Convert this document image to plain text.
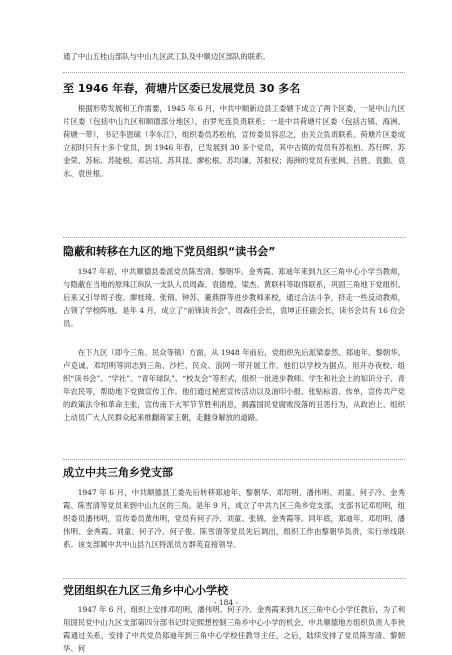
通了中山五桂山部队与中山九区武工队及中顺边区部队的联系。

至 1946 年春，荷塘片区委已发展党员 30 多名

根据形势发展和工作需要，1945 年 6 月，中共中顺新边县工委辖下成立了两个区委，一是中山九区片区委（包括中山九区和顺德部分地区），由罗光连负责联系；一是中共荷塘片区委（包括古镇、海洲、荷塘一带），书记李恩硕（李东江），组织委员苏松柏，宣传委员容忍之，由关立负责联系。荷塘片区委成立初时只有十多个党员，到 1946 年春，已发展到 30 多个党员，其中古镇的党员有苏松柏、苏行晖、苏金荣、苏标、苏能根、邓沾培、苏其昆、廖松根、苏均谦、苏振权；海洲的党员有张枫、吕胜、袁勤、袁永、袁世根。

隐蔽和转移在九区的地下党员组织“读书会”

1947 年初，中共顺德县委派党员陈雪清、黎朝华、金秀霞、郑迪年来到九区三角中心小学当教师，与隐蔽在当地的原珠江纵队一支队人员周森、袁德煌、梁杰、黄联科等取得联系，巩固三角地下党组织。后来又引导周子俊、廖桂琦、张锦、钟苏、董燕群等进步教师来校，通过合法斗争，挤走一些反动教师，占领了学校阵地。是年 4 月，成立了“前锋读书会”，周森任会长，袁坤正任副会长，读书会共有 16 位会员。

在下九区（即今三角、民众等镇）方面，从 1948 年前后，党组织先后派梁泰然、郑迪年、黎朝华、卢克诚、邓绍明等同志到三角、沙栏、民众、浪网一带开展工作。他们以学校为据点，用开办夜校、组织“读书会”、“学社”、“青年球队”、“校友会”等形式，组织一批进步教师、学生和社会上的知识分子、青年农民等，帮助地下党做宣传工作。他们通过秘密宣传活动以及油印小报、张贴标语、传单，宣传共产党的政策法令和革命主张，宣传南下大军节节胜利消息，揭露国民党腐败没落的丑恶行为，从政治上、组织上动员广大人民群众起来推翻蒋家王朝，走翻身解放的道路。

成立中共三角乡党支部

1947 年 6 月，中共顺德县工委先后转移郑迪年、黎朝华、邓绍明、潘伟明、刘童、何子冷、金秀霞、陈雪清等党员来到中山九区的三角。是年 9 月，成立了中共九区三角乡党支部，支部书记邓绍明，组织委员潘伟明，宣传委员黄伟明，党员有何子冷、刘童、张锦、金秀霞等。同年底，郑迪年、邓绍明、潘伟明、金秀霞、刘童、何子冷、何子俊、陈雪清等党员先后调出，组织工作由黎朝华负责，实行单线联系。该支部属中共中山县九区特派员方群英直接领导。

党团组织在九区三角乡中心小学校

1947 年 6 月，组织上安排邓绍明、潘伟明、何子冷、金秀霞来到九区三角中心小学任教后，为了利用国民党中山九区支部第四分部书记时定熙想控制三角乡中心小学的机会，中共顺德地方组织负责人李侠霞通过关系，安排了中共党员郑迪年到三角中心学校任教导主任，之后，陆续安排了党员陈雪清、黎朝华、何

- 184 -
